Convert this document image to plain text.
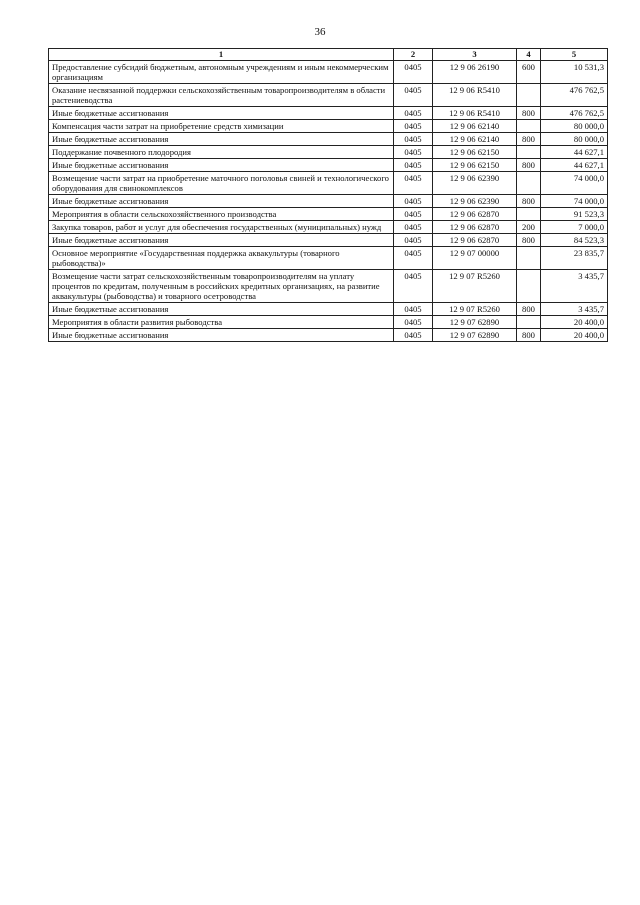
36
1	2	3	4	5
Предоставление субсидий бюджетным, автономным учреждениям и иным некоммерческим организациям	0405	12 9 06 26190	600	10 531,3
Оказание несвязанной поддержки сельскохозяйственным товаропроизводителям в области растениеводства	0405	12 9 06 R5410		476 762,5
Иные бюджетные ассигнования	0405	12 9 06 R5410	800	476 762,5
Компенсация части затрат на приобретение средств химизации	0405	12 9 06 62140		80 000,0
Иные бюджетные ассигнования	0405	12 9 06 62140	800	80 000,0
Поддержание почвенного плодородия	0405	12 9 06 62150		44 627,1
Иные бюджетные ассигнования	0405	12 9 06 62150	800	44 627,1
Возмещение части затрат на приобретение маточного поголовья свиней и технологического оборудования для свинокомплексов	0405	12 9 06 62390		74 000,0
Иные бюджетные ассигнования	0405	12 9 06 62390	800	74 000,0
Мероприятия в области сельскохозяйственного производства	0405	12 9 06 62870		91 523,3
Закупка товаров, работ и услуг для обеспечения государственных (муниципальных) нужд	0405	12 9 06 62870	200	7 000,0
Иные бюджетные ассигнования	0405	12 9 06 62870	800	84 523,3
Основное мероприятие «Государственная поддержка аквакультуры (товарного рыбоводства)»	0405	12 9 07 00000		23 835,7
Возмещение части затрат сельскохозяйственным товаропроизводителям на уплату процентов по кредитам, полученным в российских кредитных организациях, на развитие аквакультуры (рыбоводства) и товарного осетроводства	0405	12 9 07 R5260		3 435,7
Иные бюджетные ассигнования	0405	12 9 07 R5260	800	3 435,7
Мероприятия в области развития рыбоводства	0405	12 9 07 62890		20 400,0
Иные бюджетные ассигнования	0405	12 9 07 62890	800	20 400,0
